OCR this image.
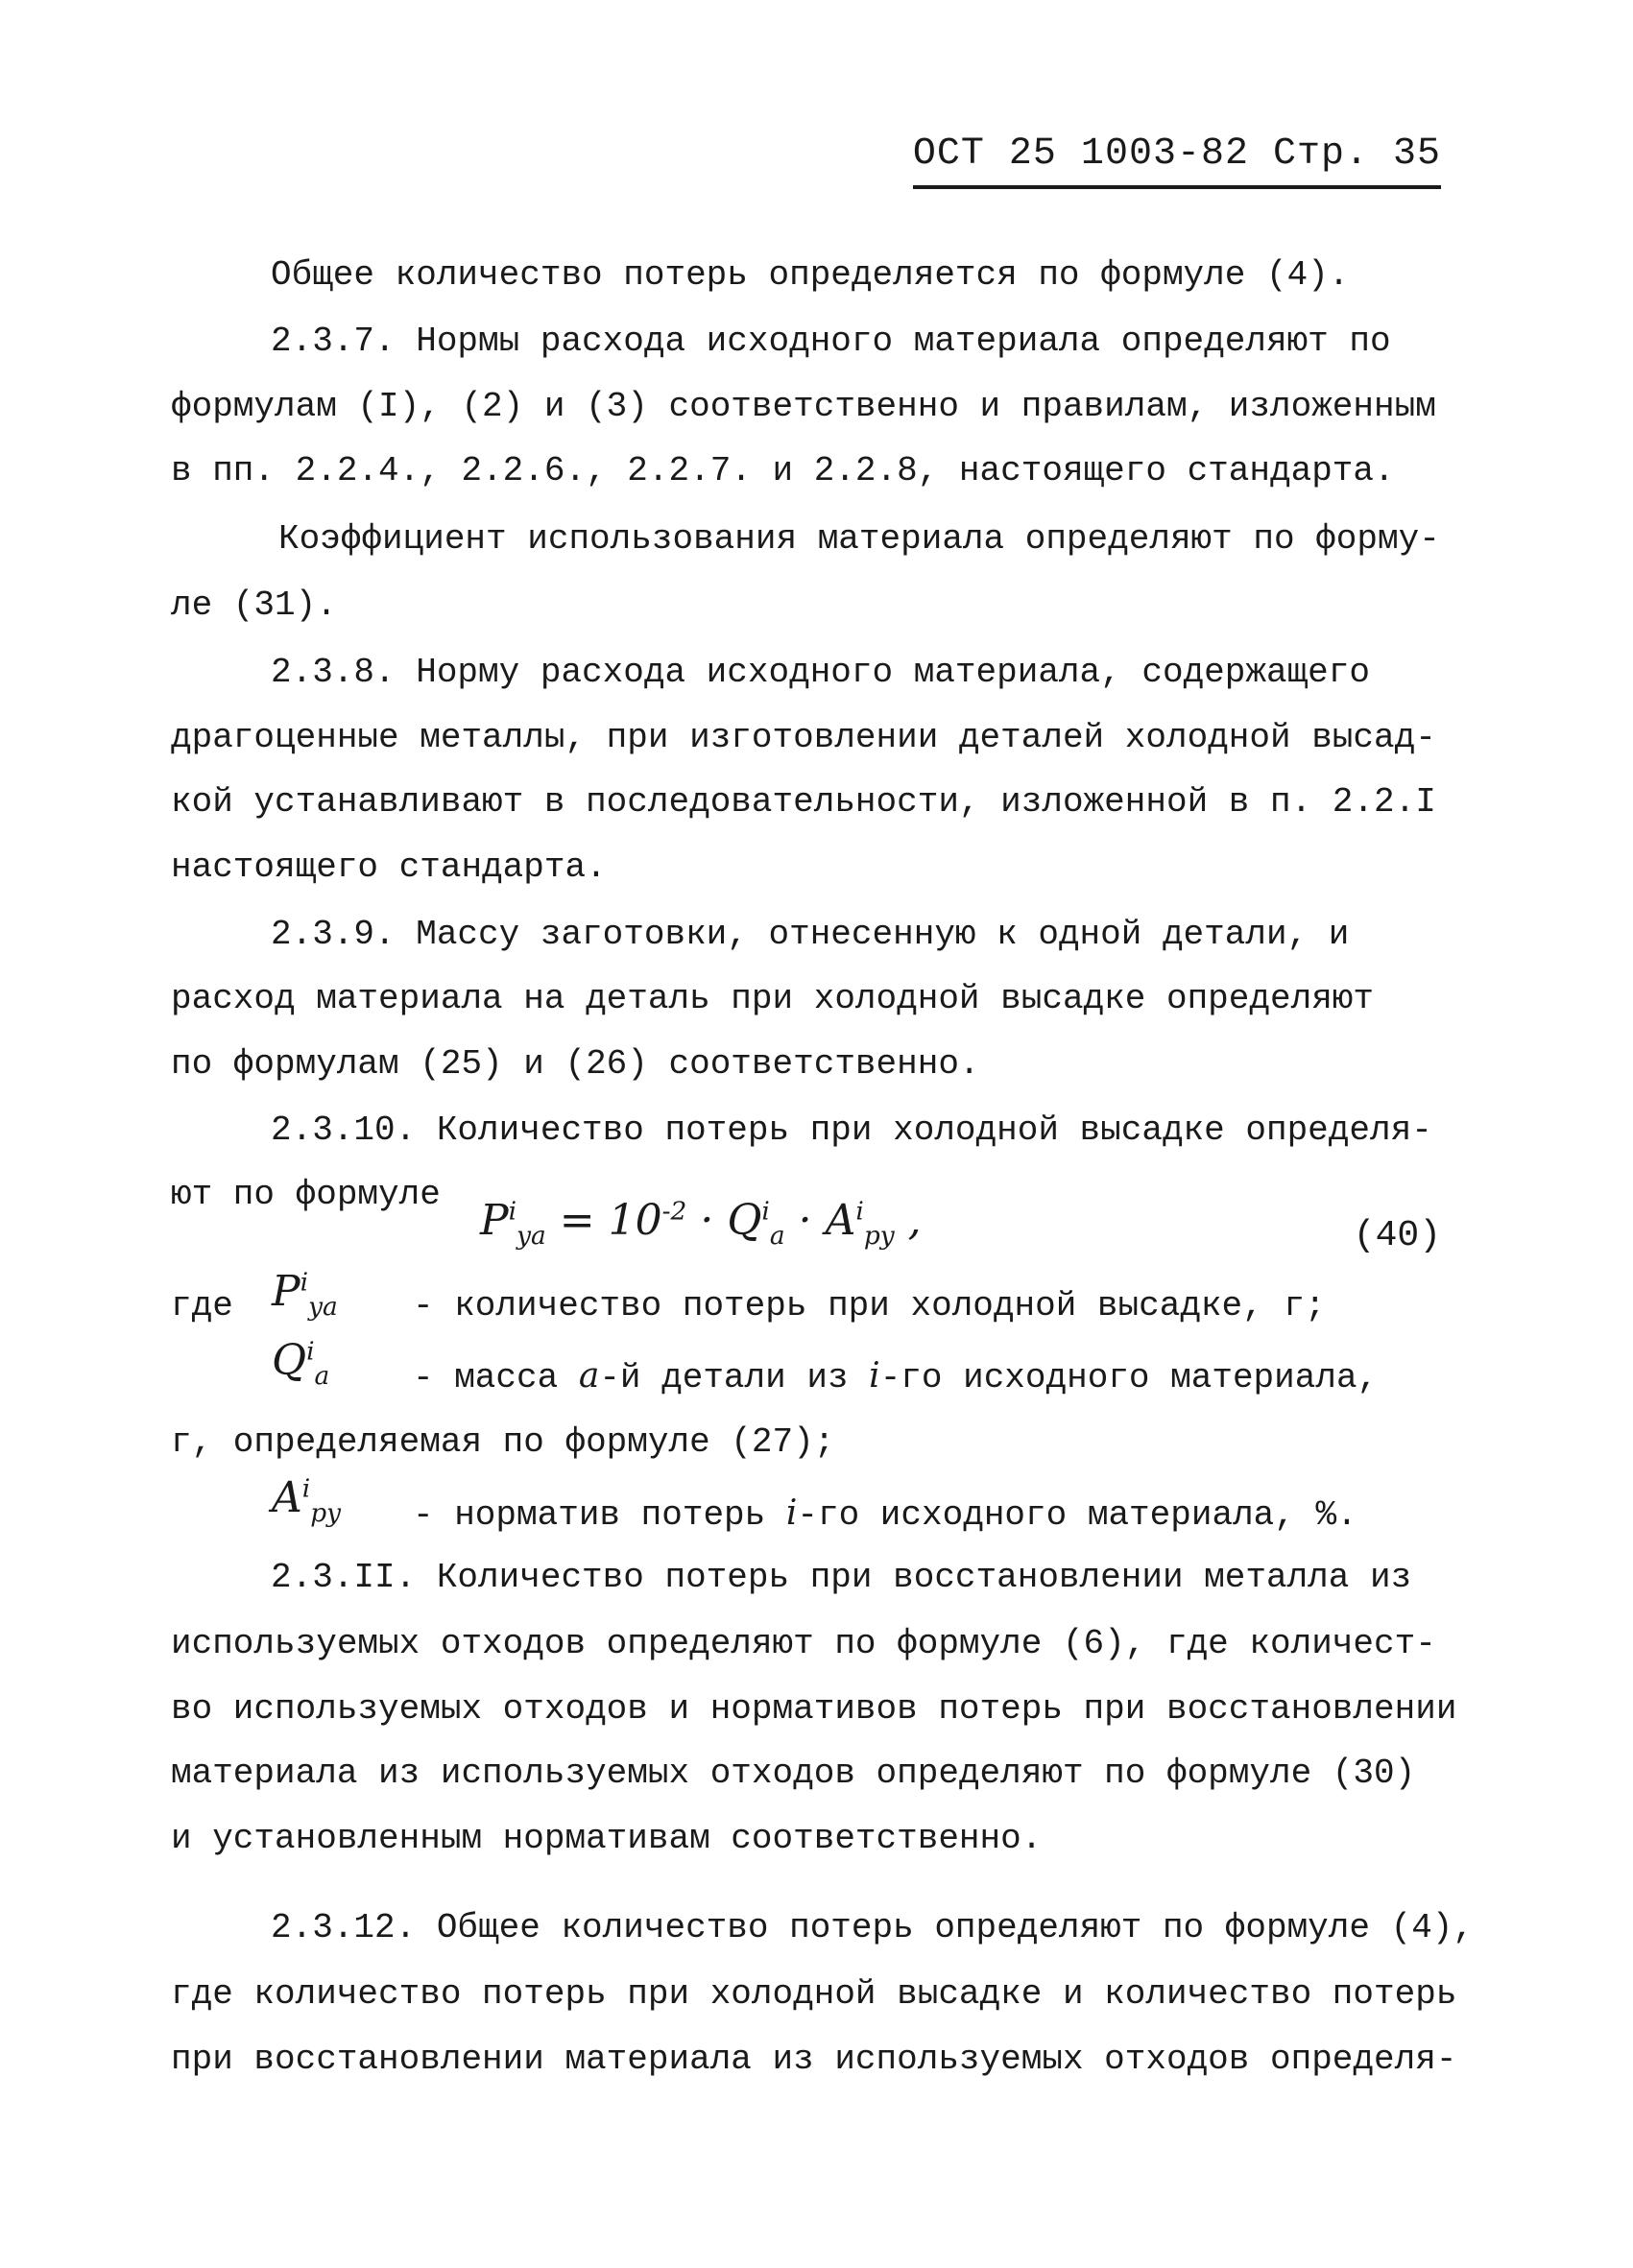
ОСТ 25 1003-82 Стр. 35
Общее количество потерь определяется по формуле (4).
2.3.7. Нормы расхода исходного материала определяют по
формулам (I), (2) и (3) соответственно и правилам, изложенным
в пп. 2.2.4., 2.2.6., 2.2.7. и 2.2.8, настоящего стандарта.
Коэффициент использования материала определяют по форму-
ле (31).
2.3.8. Норму расхода исходного материала, содержащего
драгоценные металлы, при изготовлении деталей холодной высад-
кой устанавливают в последовательности, изложенной в п. 2.2.I
настоящего стандарта.
2.3.9. Массу заготовки, отнесенную к одной детали, и
расход материала на деталь при холодной высадке определяют
по формулам (25) и (26) соответственно.
2.3.10. Количество потерь при холодной высадке определя-
ют по формуле
$P^i_{ya} = 10^{-2} \cdot Q^i_a \cdot A^i_{py}$ ,	(40)
где $P^i_{ya}$ - количество потерь при холодной высадке, г;
$Q^i_a$ - масса a-й детали из i-го исходного материала,
г, определяемая по формуле (27);
$A^i_{py}$ - норматив потерь i-го исходного материала, %.
2.3.II. Количество потерь при восстановлении металла из
используемых отходов определяют по формуле (6), где количест-
во используемых отходов и нормативов потерь при восстановлении
материала из используемых отходов определяют по формуле (30)
и установленным нормативам соответственно.
2.3.12. Общее количество потерь определяют по формуле (4),
где количество потерь при холодной высадке и количество потерь
при восстановлении материала из используемых отходов определя-
